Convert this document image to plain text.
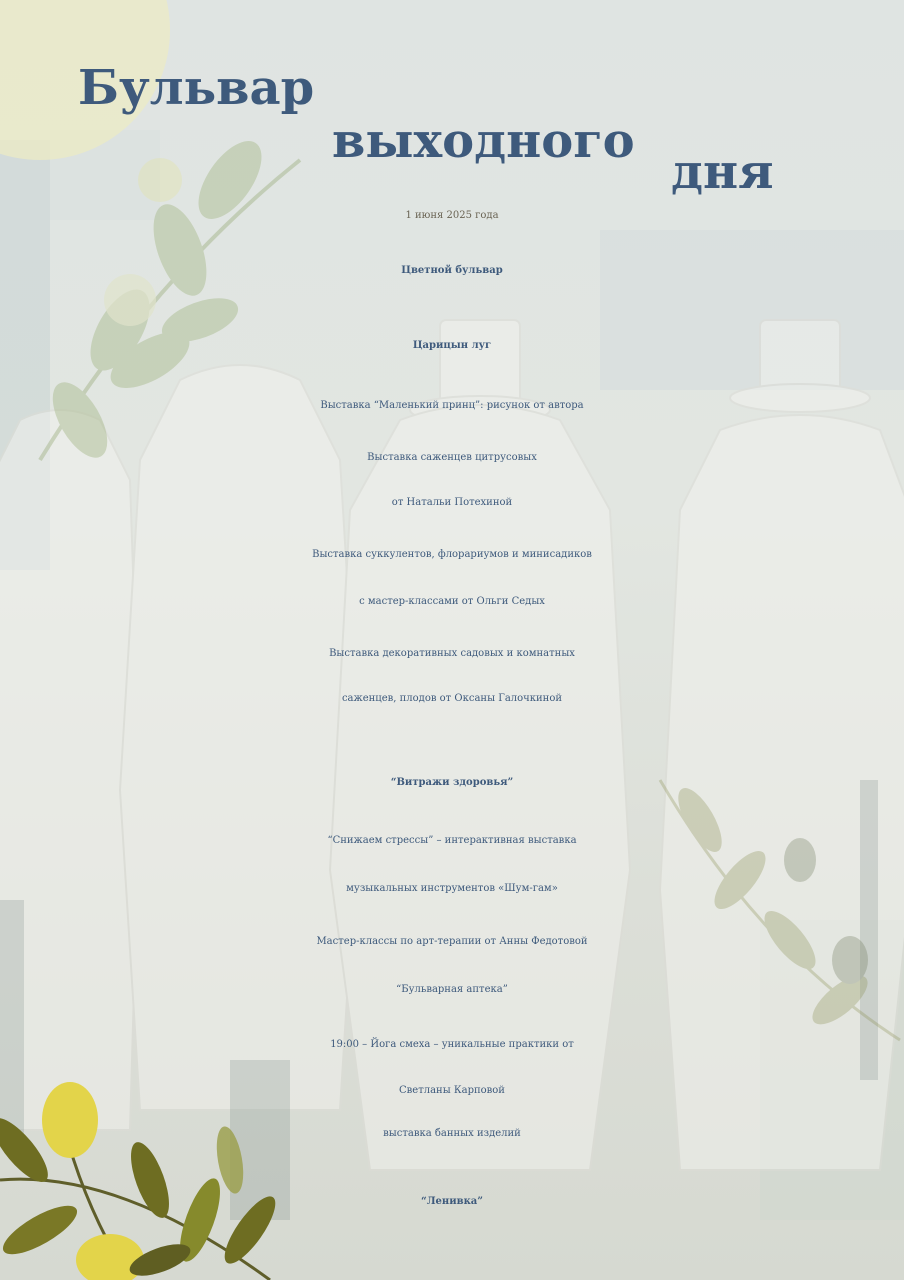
Бульвар
выходного
дня

1 июня 2025 года

Цветной бульвар
Царицын луг

Выставка “Маленький принц”: рисунок от автора

Выставка саженцев цитрусовых

от Натальи Потехиной

Выставка суккулентов, флорариумов и минисадиков

с мастер-классами от Ольги Седых

Выставка декоративных садовых и комнатных

саженцев, плодов от Оксаны Галочкиной

“Витражи здоровья”

“Снижаем стрессы” – интерактивная выставка

музыкальных инструментов «Шум-гам»

Мастер-классы по арт-терапии от Анны Федотовой

“Бульварная аптека”

19:00 – Йога смеха – уникальные практики от

Светланы Карповой

выставка банных изделий

“Ленивка”
